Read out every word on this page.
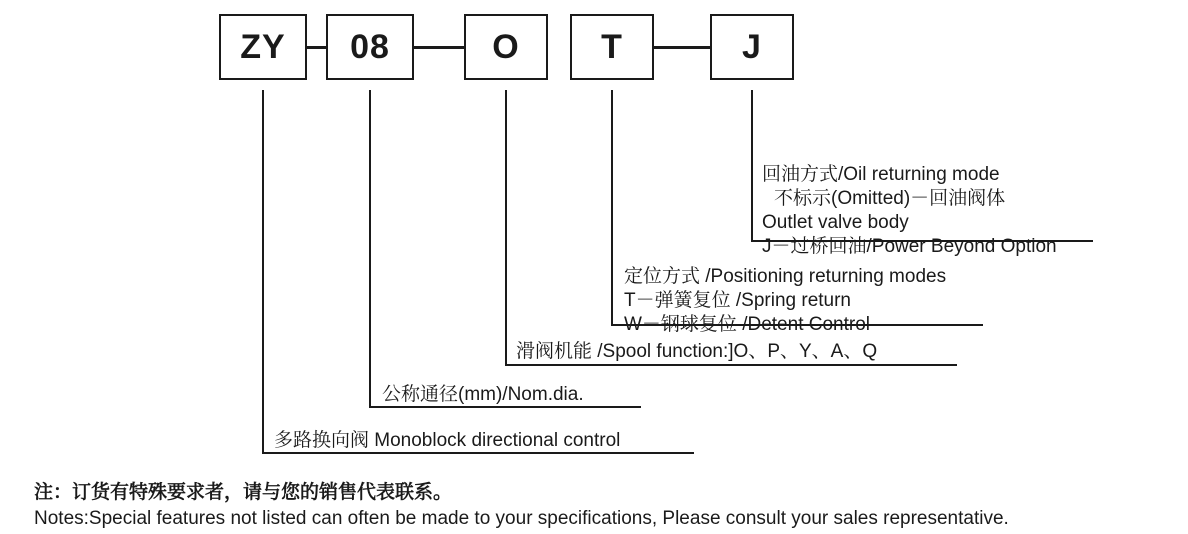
ZY 08	O T	J
回油方式/Oil returning mode
不标示(Omitted)－回油阀体
Outlet valve body
J－过桥回油/Power Beyond Option
定位方式 /Positioning returning modes
T－弹簧复位 /Spring return
W－钢球复位 /Detent Control
滑阀机能 /Spool function:]O、P、Y、A、Q
公称通径(mm)/Nom.dia.
多路换向阀 Monoblock directional control
注：订货有特殊要求者，请与您的销售代表联系。
Notes:Special features not listed can often be made to your specifications, Please consult your sales representative.
